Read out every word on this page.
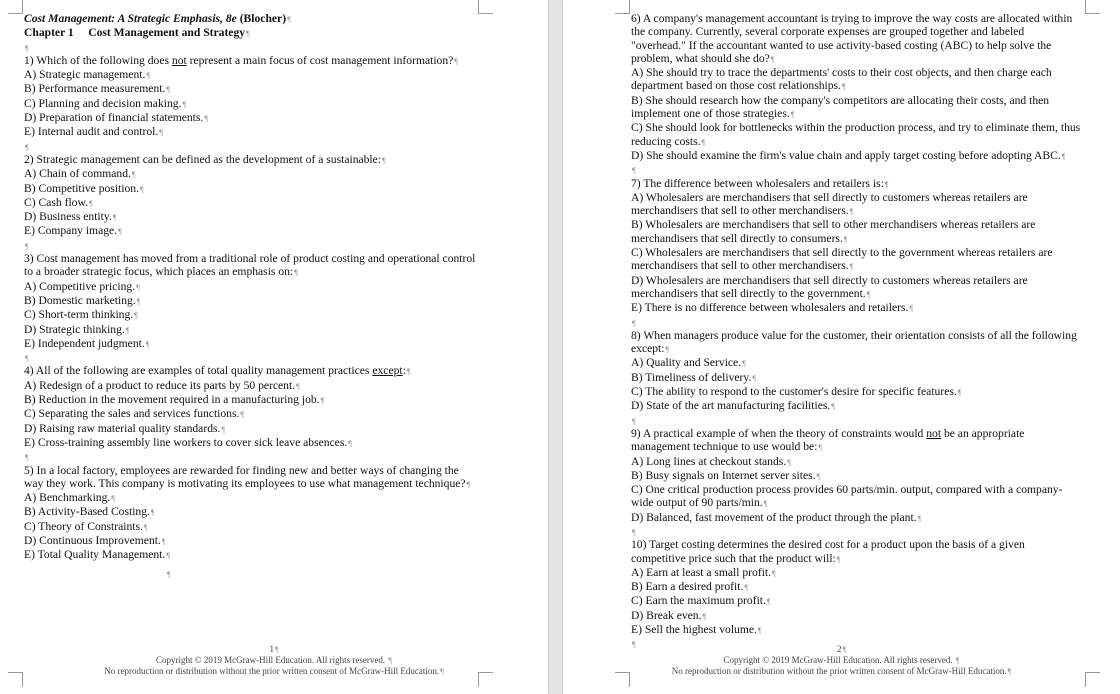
Cost Management: A Strategic Emphasis, 8e (Blocher)¶
Chapter 1 Cost Management and Strategy¶
¶
1) Which of the following does not represent a main focus of cost management information?¶
A) Strategic management.¶
B) Performance measurement.¶
C) Planning and decision making.¶
D) Preparation of financial statements.¶
E) Internal audit and control.¶
¶
2) Strategic management can be defined as the development of a sustainable:¶
A) Chain of command.¶
B) Competitive position.¶
C) Cash flow.¶
D) Business entity.¶
E) Company image.¶
¶
3) Cost management has moved from a traditional role of product costing and operational control
to a broader strategic focus, which places an emphasis on:¶
A) Competitive pricing.¶
B) Domestic marketing.¶
C) Short-term thinking.¶
D) Strategic thinking.¶
E) Independent judgment.¶
¶
4) All of the following are examples of total quality management practices except:¶
A) Redesign of a product to reduce its parts by 50 percent.¶
B) Reduction in the movement required in a manufacturing job.¶
C) Separating the sales and services functions.¶
D) Raising raw material quality standards.¶
E) Cross-training assembly line workers to cover sick leave absences.¶
¶
5) In a local factory, employees are rewarded for finding new and better ways of changing the
way they work. This company is motivating its employees to use what management technique?¶
A) Benchmarking.¶
B) Activity-Based Costing.¶
C) Theory of Constraints.¶
D) Continuous Improvement.¶
E) Total Quality Management.¶
¶
1¶
Copyright © 2019 McGraw-Hill Education. All rights reserved. ¶
No reproduction or distribution without the prior written consent of McGraw-Hill Education.¶
2¶
Copyright © 2019 McGraw-Hill Education. All rights reserved. ¶
No reproduction or distribution without the prior written consent of McGraw-Hill Education.¶
6) A company's management accountant is trying to improve the way costs are allocated within
the company. Currently, several corporate expenses are grouped together and labeled
"overhead." If the accountant wanted to use activity-based costing (ABC) to help solve the
problem, what should she do?¶
A) She should try to trace the departments' costs to their cost objects, and then charge each
department based on those cost relationships.¶
B) She should research how the company's competitors are allocating their costs, and then
implement one of those strategies.¶
C) She should look for bottlenecks within the production process, and try to eliminate them, thus
reducing costs.¶
D) She should examine the firm's value chain and apply target costing before adopting ABC.¶
¶
7) The difference between wholesalers and retailers is:¶
A) Wholesalers are merchandisers that sell directly to customers whereas retailers are
merchandisers that sell to other merchandisers.¶
B) Wholesalers are merchandisers that sell to other merchandisers whereas retailers are
merchandisers that sell directly to consumers.¶
C) Wholesalers are merchandisers that sell directly to the government whereas retailers are
merchandisers that sell to other merchandisers.¶
D) Wholesalers are merchandisers that sell directly to customers whereas retailers are
merchandisers that sell directly to the government.¶
E) There is no difference between wholesalers and retailers.¶
¶
8) When managers produce value for the customer, their orientation consists of all the following
except:¶
A) Quality and Service.¶
B) Timeliness of delivery.¶
C) The ability to respond to the customer's desire for specific features.¶
D) State of the art manufacturing facilities.¶
¶
9) A practical example of when the theory of constraints would not be an appropriate
management technique to use would be:¶
A) Long lines at checkout stands.¶
B) Busy signals on Internet server sites.¶
C) One critical production process provides 60 parts/min. output, compared with a company-
wide output of 90 parts/min.¶
D) Balanced, fast movement of the product through the plant.¶
¶
10) Target costing determines the desired cost for a product upon the basis of a given
competitive price such that the product will:¶
A) Earn at least a small profit.¶
B) Earn a desired profit.¶
C) Earn the maximum profit.¶
D) Break even.¶
E) Sell the highest volume.¶
¶
